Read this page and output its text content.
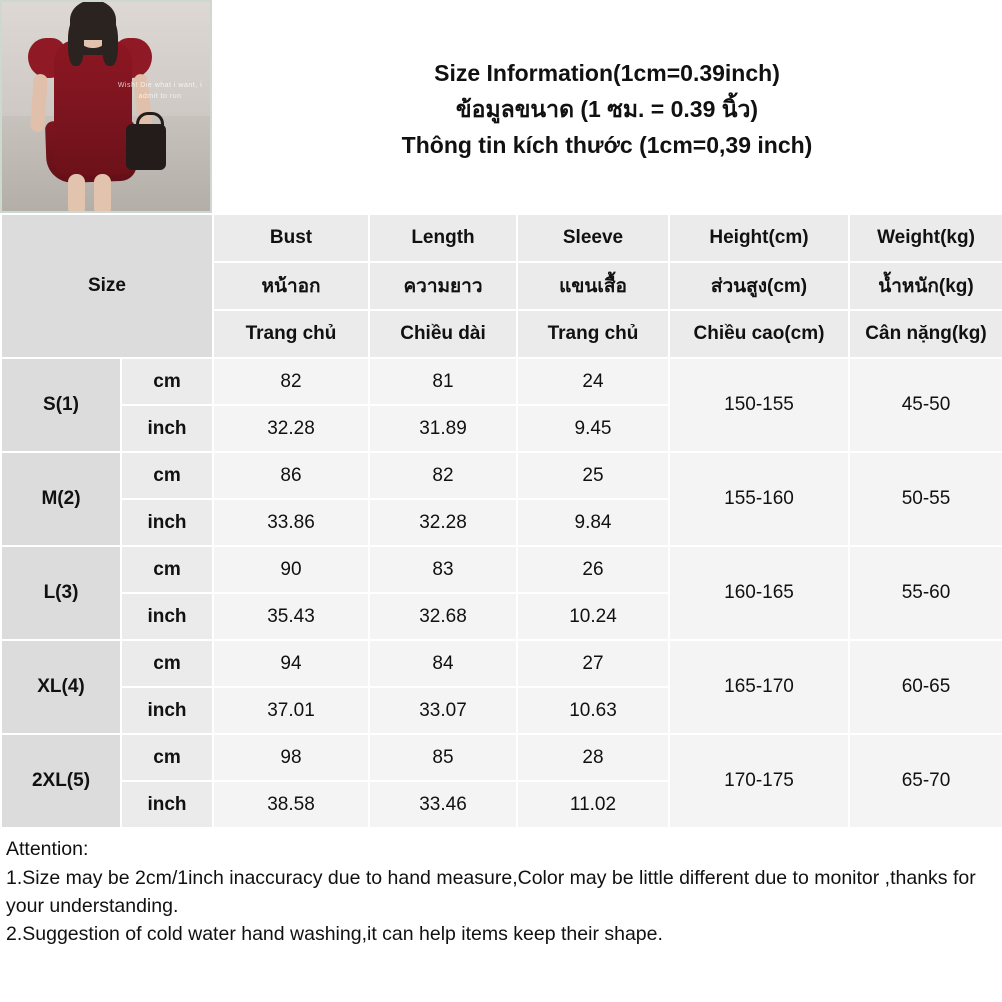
Wish! Die what i want, i admit to run
Size Information(1cm=0.39inch)
ข้อมูลขนาด (1 ซม. = 0.39 นิ้ว)
Thông tin kích thước (1cm=0,39 inch)
Size		Bust	Length	Sleeve	Height(cm)	Weight(kg)
		หน้าอก	ความยาว	แขนเสื้อ	ส่วนสูง(cm)	น้ำหนัก(kg)
		Trang chủ	Chiều dài	Trang chủ	Chiều cao(cm)	Cân nặng(kg)
S(1)	cm	82	81	24	150-155	45-50
	inch	32.28	31.89	9.45		
M(2)	cm	86	82	25	155-160	50-55
	inch	33.86	32.28	9.84		
L(3)	cm	90	83	26	160-165	55-60
	inch	35.43	32.68	10.24		
XL(4)	cm	94	84	27	165-170	60-65
	inch	37.01	33.07	10.63		
2XL(5)	cm	98	85	28	170-175	65-70
	inch	38.58	33.46	11.02		
Attention:
1.Size may be 2cm/1inch inaccuracy due to hand measure,Color may be little different due to monitor ,thanks for your understanding.
2.Suggestion of cold water hand washing,it can help items keep their shape.
